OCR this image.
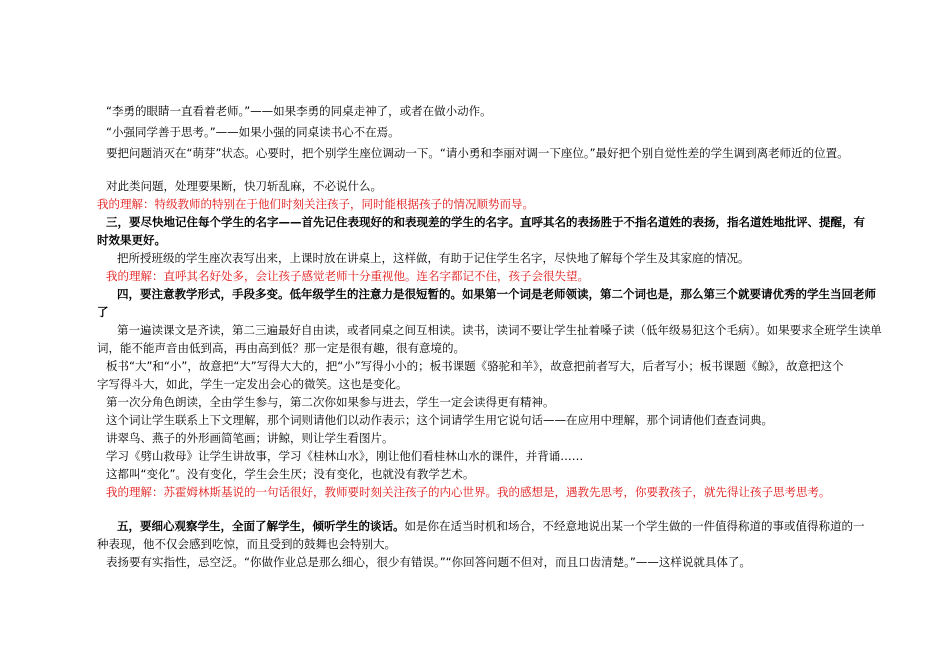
“李勇的眼睛一直看着老师。”——如果李勇的同桌走神了，或者在做小动作。
“小强同学善于思考。”——如果小强的同桌读书心不在焉。
要把问题消灭在“萌芽”状态。心要时，把个别学生座位调动一下。“请小勇和李丽对调一下座位。”最好把个别自觉性差的学生调到离老师近的位置。
对此类问题，处理要果断，快刀斩乱麻，不必说什么。
我的理解：特级教师的特别在于他们时刻关注孩子，同时能根据孩子的情况顺势而导。
三，要尽快地记住每个学生的名字——首先记住表现好的和表现差的学生的名字。直呼其名的表扬胜于不指名道姓的表扬，指名道姓地批评、提醒，有
时效果更好。
把所授班级的学生座次表写出来，上课时放在讲桌上，这样做，有助于记住学生名字，尽快地了解每个学生及其家庭的情况。
我的理解：直呼其名好处多，会让孩子感觉老师十分重视他。连名字都记不住，孩子会很失望。
四，要注意教学形式，手段多变。低年级学生的注意力是很短暂的。如果第一个词是老师领读，第二个词也是，那么第三个就要请优秀的学生当回老师
了
第一遍读课文是齐读，第二三遍最好自由读，或者同桌之间互相读。读书，读词不要让学生扯着嗓子读（低年级易犯这个毛病）。如果要求全班学生读单
词，能不能声音由低到高，再由高到低？那一定是很有趣，很有意境的。
板书“大”和“小”，故意把“大”写得大大的，把“小”写得小小的；板书课题《骆驼和羊》，故意把前者写大，后者写小；板书课题《鲸》，故意把这个
字写得斗大，如此，学生一定发出会心的微笑。这也是变化。
第一次分角色朗读，全由学生参与，第二次你如果参与进去，学生一定会读得更有精神。
这个词让学生联系上下文理解，那个词则请他们以动作表示；这个词请学生用它说句话——在应用中理解，那个词请他们查查词典。
讲翠鸟、燕子的外形画简笔画；讲鲸，则让学生看图片。
学习《劈山救母》让学生讲故事，学习《桂林山水》，刚让他们看桂林山水的课件，并背诵……
这都叫“变化”。没有变化，学生会生厌；没有变化，也就没有教学艺术。
我的理解：苏霍姆林斯基说的一句话很好，教师要时刻关注孩子的内心世界。我的感想是，遇教先思考，你要教孩子，就先得让孩子思考思考。
五，要细心观察学生，全面了解学生，倾听学生的谈话。如是你在适当时机和场合，不经意地说出某一个学生做的一件值得称道的事或值得称道的一
种表现，他不仅会感到吃惊，而且受到的鼓舞也会特别大。
表扬要有实指性，忌空泛。“你做作业总是那么细心，很少有错误。”“你回答问题不但对，而且口齿清楚。”——这样说就具体了。
